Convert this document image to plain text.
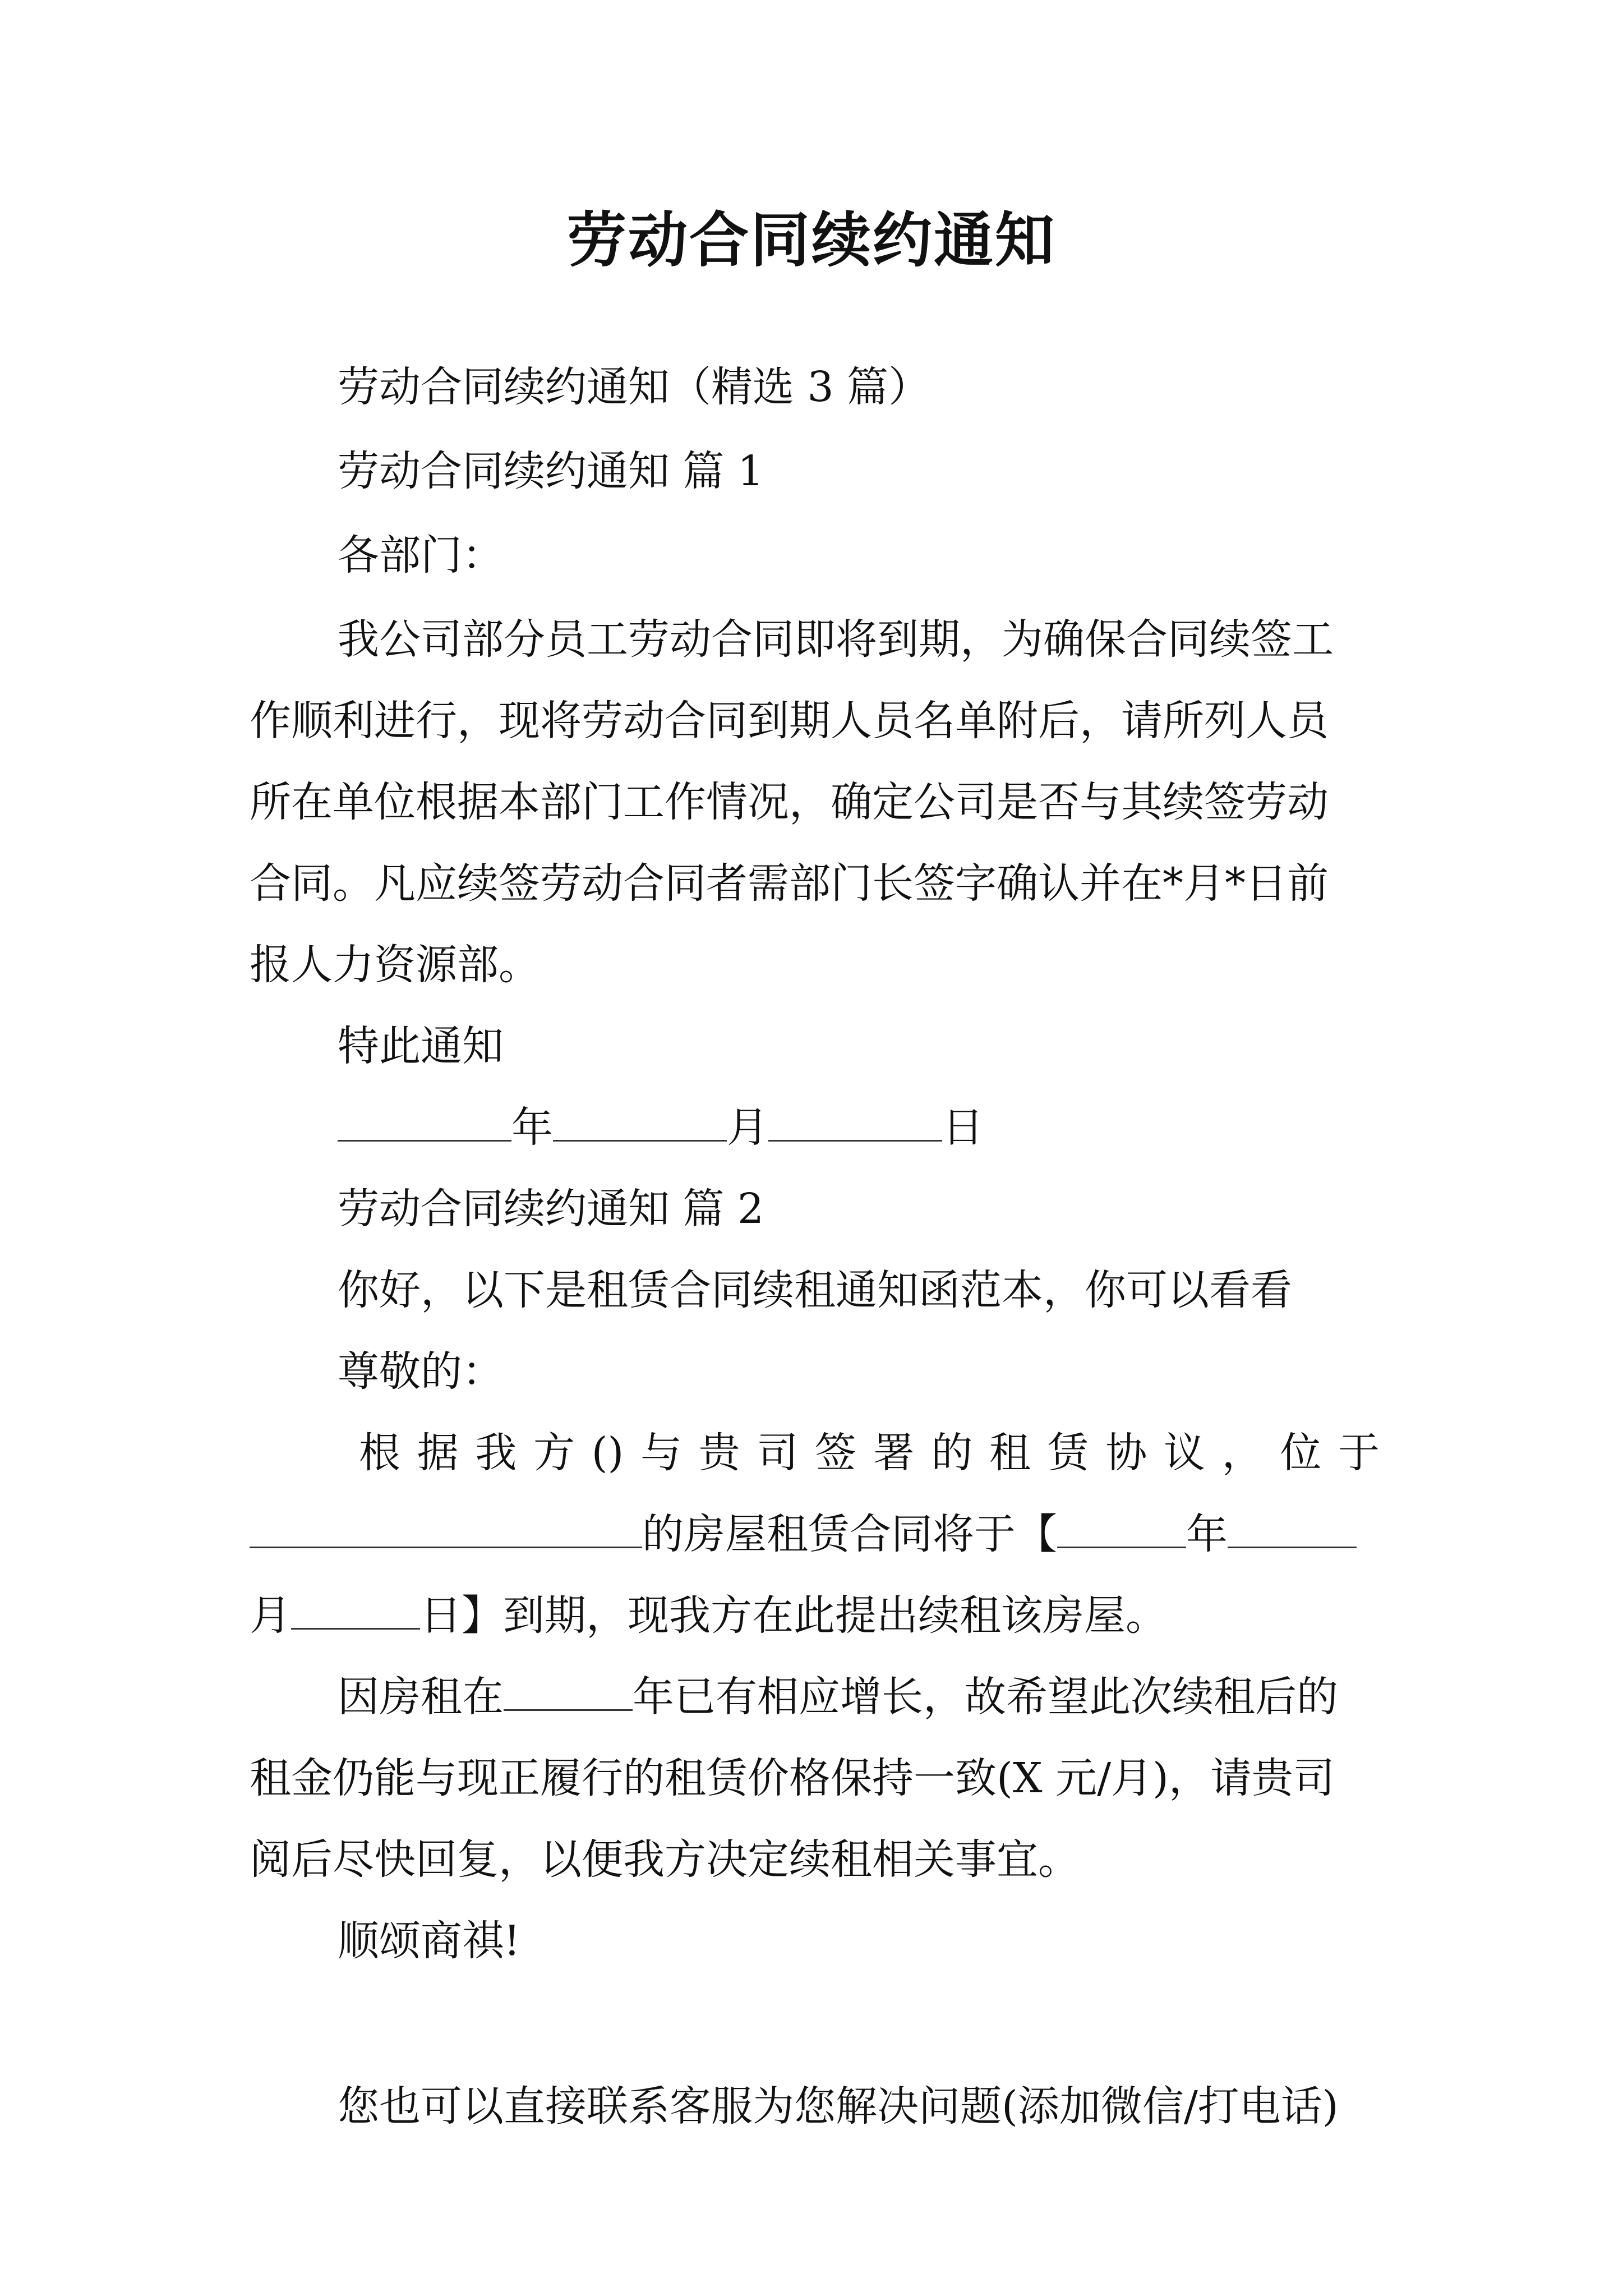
劳动合同续约通知

劳动合同续约通知（精选 3 篇）

劳动合同续约通知 篇 1

各部门：

我公司部分员工劳动合同即将到期，为确保合同续签工

作顺利进行，现将劳动合同到期人员名单附后，请所列人员

所在单位根据本部门工作情况，确定公司是否与其续签劳动

合同。凡应续签劳动合同者需部门长签字确认并在*月*日前

报人力资源部。

特此通知

年	月	日

劳动合同续约通知 篇 2

你好，以下是租赁合同续租通知函范本，你可以看看

尊敬的：

根据我方()与贵司签署的租赁协议，位于

的房屋租赁合同将于【	年

月	日】到期，现我方在此提出续租该房屋。

因房租在	年已有相应增长，故希望此次续租后的

租金仍能与现正履行的租赁价格保持一致(X 元/月)，请贵司

阅后尽快回复，以便我方决定续租相关事宜。

顺颂商祺!

您也可以直接联系客服为您解决问题(添加微信/打电话)
